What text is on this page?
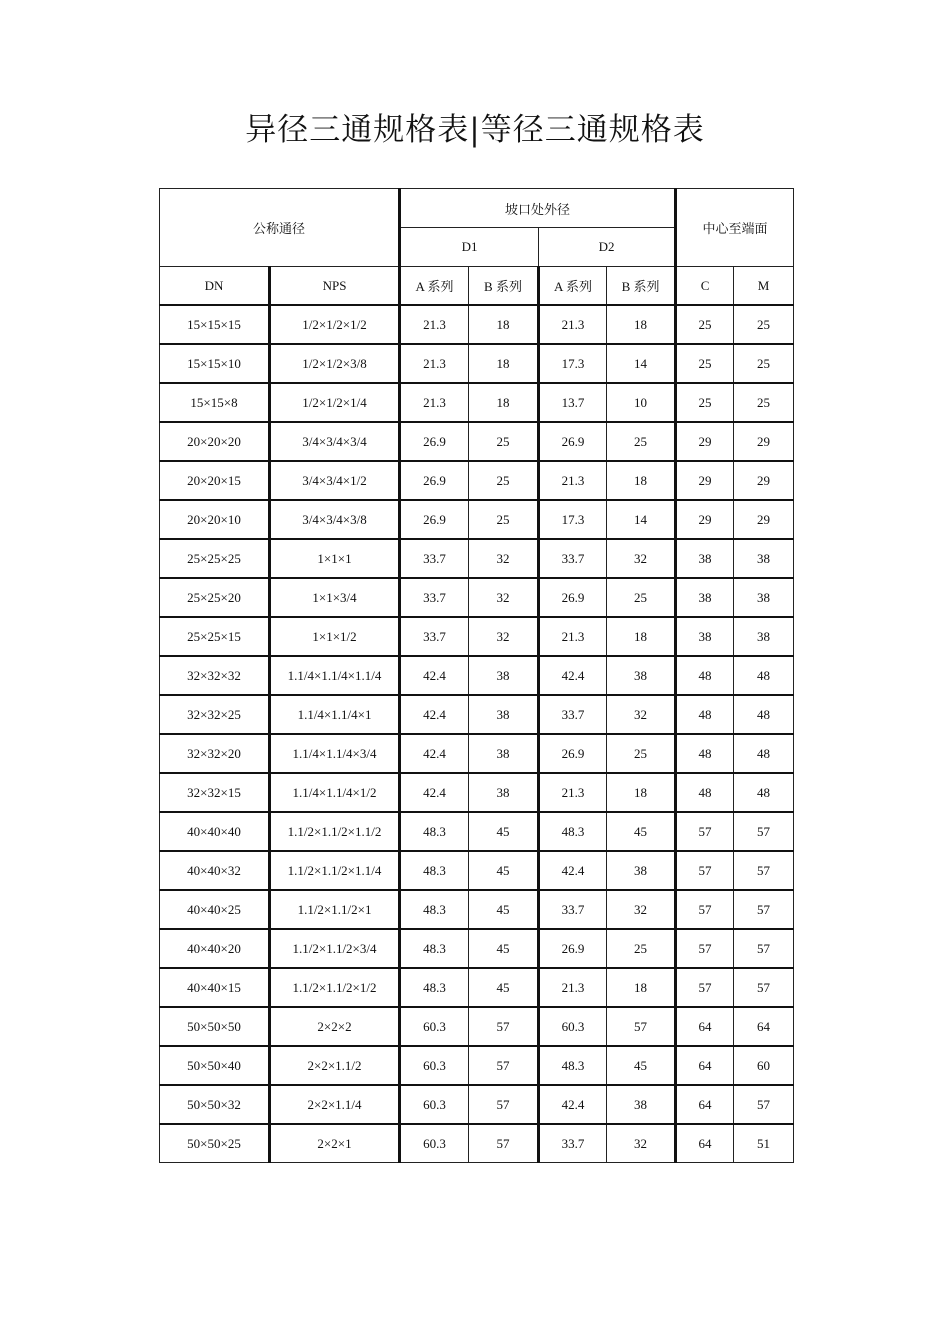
异径三通规格表|等径三通规格表
公称通径		坡口处外径				中心至端面	
		D1		D2			
DN	NPS	A 系列	B 系列	A 系列	B 系列	C	M
15×15×15	1/2×1/2×1/2	21.3	18	21.3	18	25	25
15×15×10	1/2×1/2×3/8	21.3	18	17.3	14	25	25
15×15×8	1/2×1/2×1/4	21.3	18	13.7	10	25	25
20×20×20	3/4×3/4×3/4	26.9	25	26.9	25	29	29
20×20×15	3/4×3/4×1/2	26.9	25	21.3	18	29	29
20×20×10	3/4×3/4×3/8	26.9	25	17.3	14	29	29
25×25×25	1×1×1	33.7	32	33.7	32	38	38
25×25×20	1×1×3/4	33.7	32	26.9	25	38	38
25×25×15	1×1×1/2	33.7	32	21.3	18	38	38
32×32×32	1.1/4×1.1/4×1.1/4	42.4	38	42.4	38	48	48
32×32×25	1.1/4×1.1/4×1	42.4	38	33.7	32	48	48
32×32×20	1.1/4×1.1/4×3/4	42.4	38	26.9	25	48	48
32×32×15	1.1/4×1.1/4×1/2	42.4	38	21.3	18	48	48
40×40×40	1.1/2×1.1/2×1.1/2	48.3	45	48.3	45	57	57
40×40×32	1.1/2×1.1/2×1.1/4	48.3	45	42.4	38	57	57
40×40×25	1.1/2×1.1/2×1	48.3	45	33.7	32	57	57
40×40×20	1.1/2×1.1/2×3/4	48.3	45	26.9	25	57	57
40×40×15	1.1/2×1.1/2×1/2	48.3	45	21.3	18	57	57
50×50×50	2×2×2	60.3	57	60.3	57	64	64
50×50×40	2×2×1.1/2	60.3	57	48.3	45	64	60
50×50×32	2×2×1.1/4	60.3	57	42.4	38	64	57
50×50×25	2×2×1	60.3	57	33.7	32	64	51
